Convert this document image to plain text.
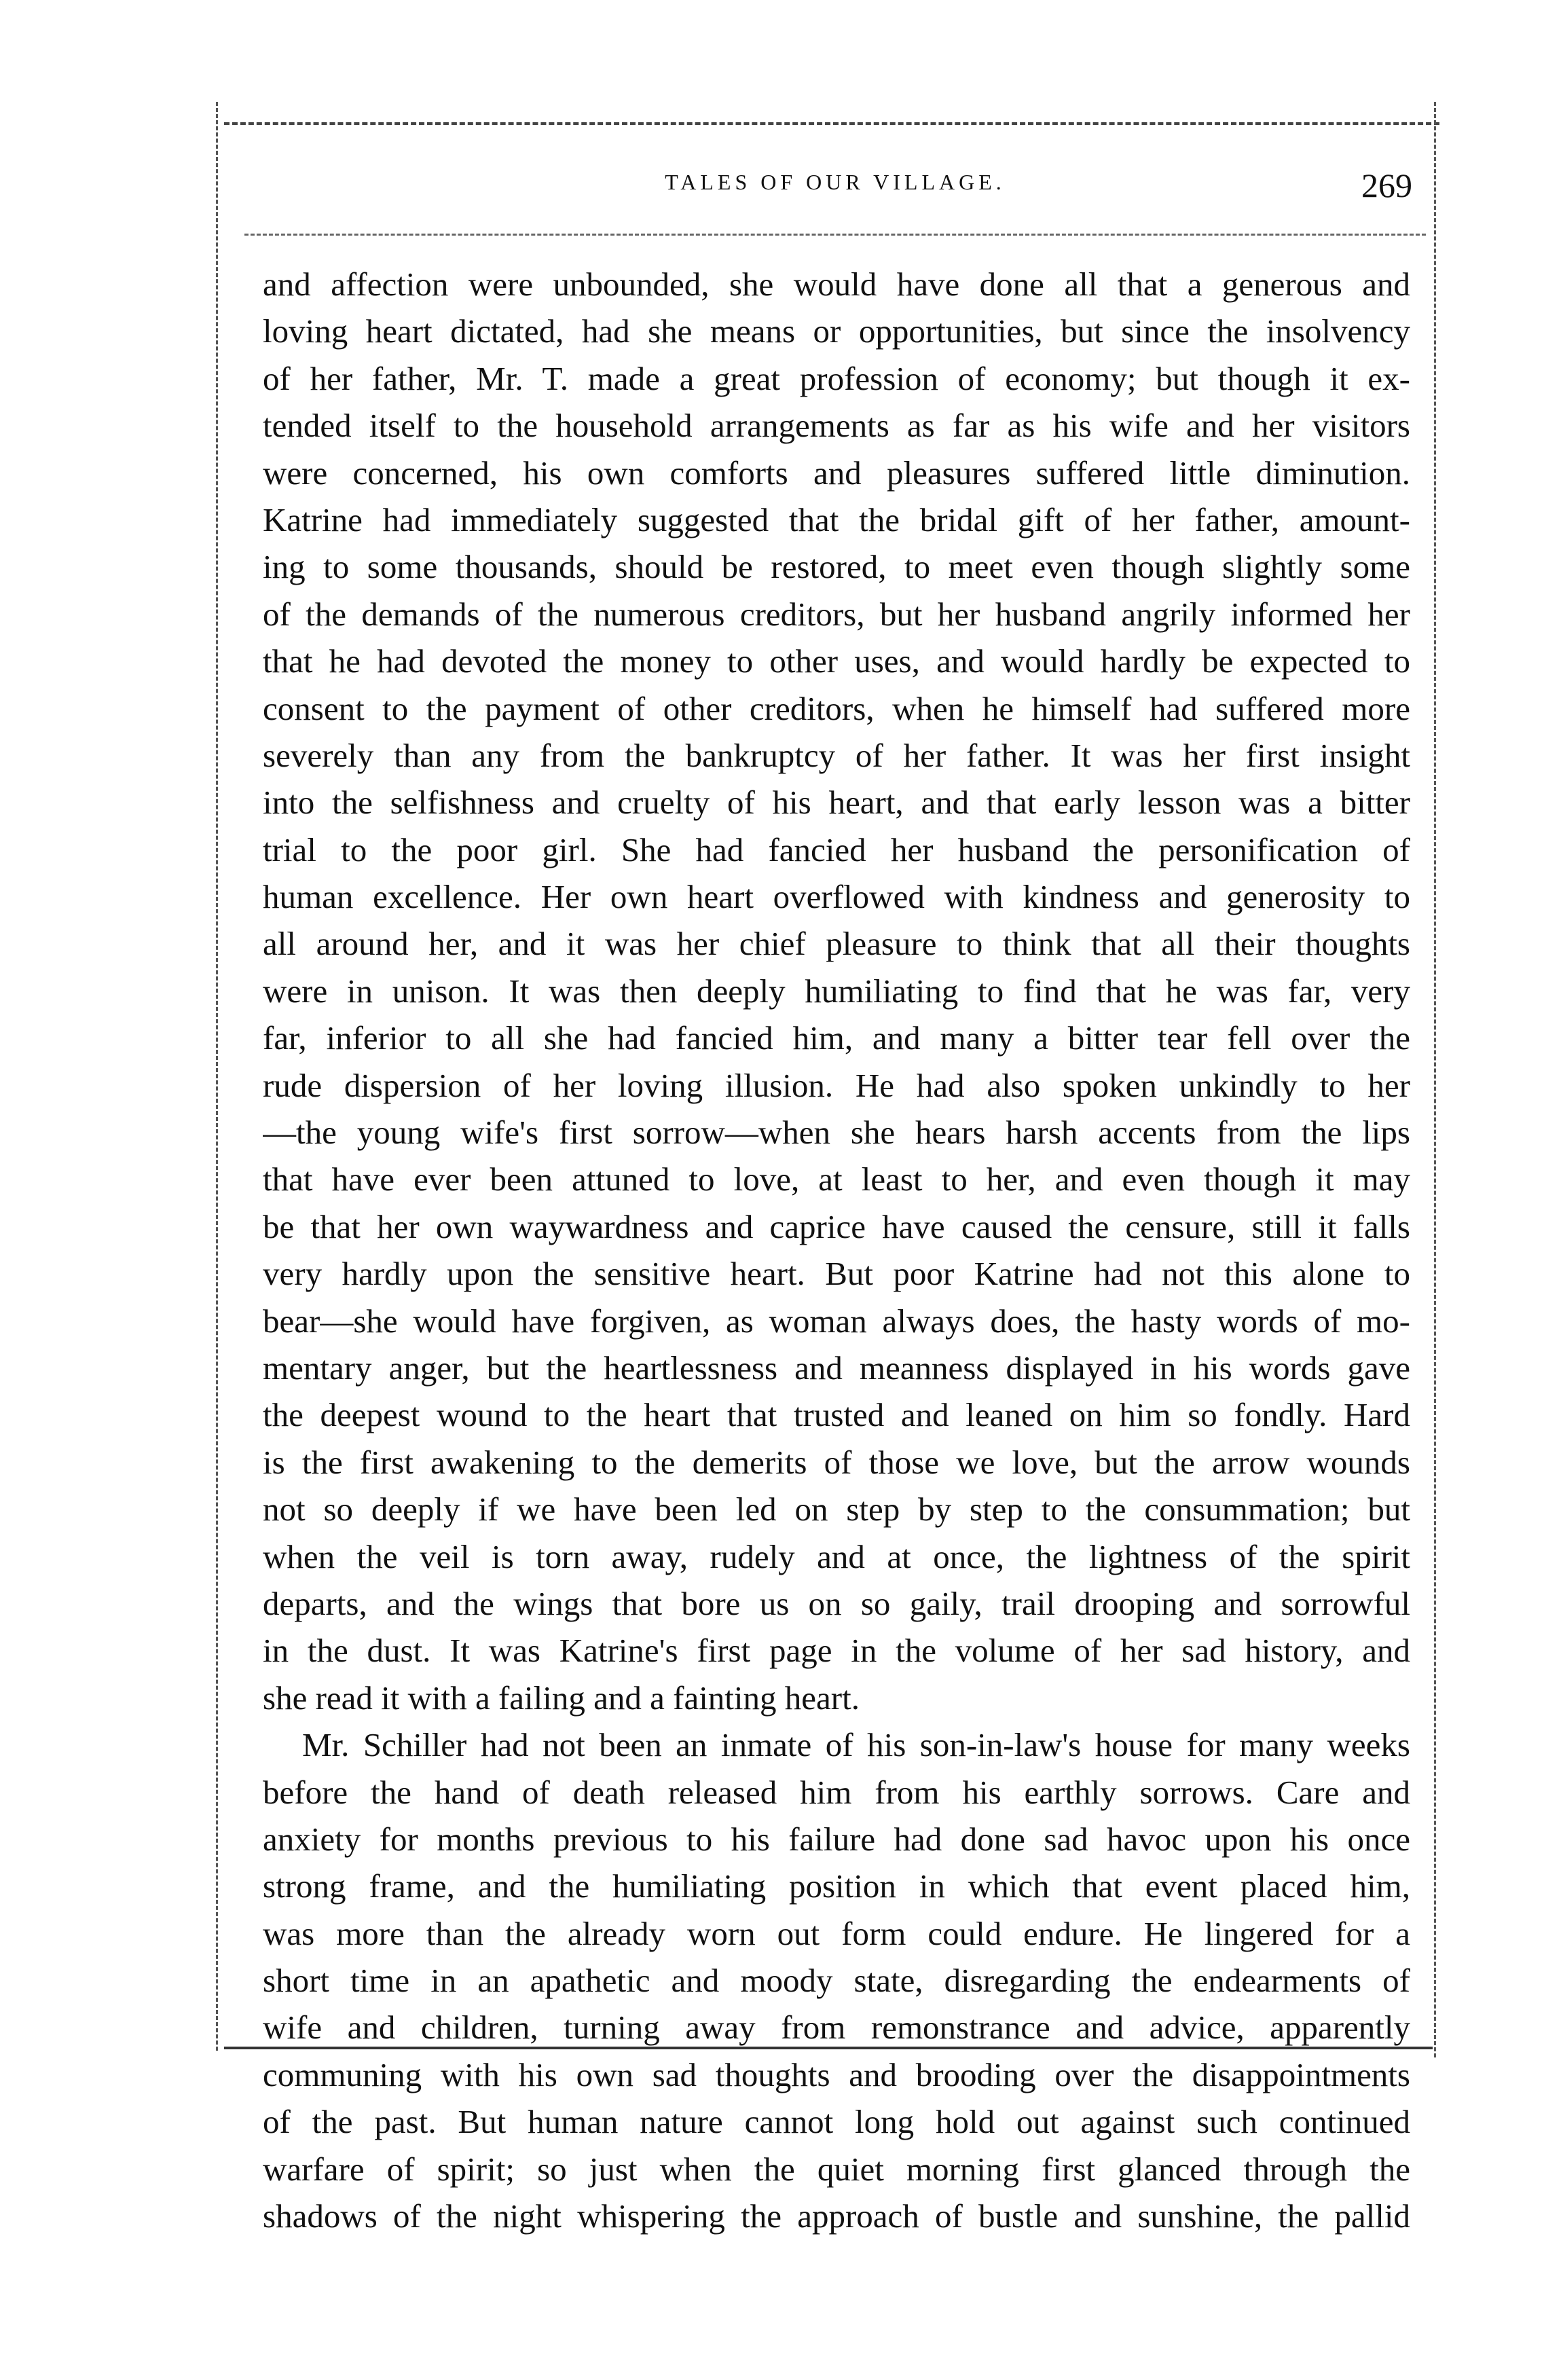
TALES OF OUR VILLAGE.	269
and affection were unbounded, she would have done all that a generous and
loving heart dictated, had she means or opportunities, but since the insolvency
of her father, Mr. T. made a great profession of economy; but though it ex-
tended itself to the household arrangements as far as his wife and her visitors
were concerned, his own comforts and pleasures suffered little diminution.
Katrine had immediately suggested that the bridal gift of her father, amount-
ing to some thousands, should be restored, to meet even though slightly some
of the demands of the numerous creditors, but her husband angrily informed her
that he had devoted the money to other uses, and would hardly be expected to
consent to the payment of other creditors, when he himself had suffered more
severely than any from the bankruptcy of her father. It was her first insight
into the selfishness and cruelty of his heart, and that early lesson was a bitter
trial to the poor girl. She had fancied her husband the personification of
human excellence. Her own heart overflowed with kindness and generosity to
all around her, and it was her chief pleasure to think that all their thoughts
were in unison. It was then deeply humiliating to find that he was far, very
far, inferior to all she had fancied him, and many a bitter tear fell over the
rude dispersion of her loving illusion. He had also spoken unkindly to her
—the young wife's first sorrow—when she hears harsh accents from the lips
that have ever been attuned to love, at least to her, and even though it may
be that her own waywardness and caprice have caused the censure, still it falls
very hardly upon the sensitive heart. But poor Katrine had not this alone to
bear—she would have forgiven, as woman always does, the hasty words of mo-
mentary anger, but the heartlessness and meanness displayed in his words gave
the deepest wound to the heart that trusted and leaned on him so fondly. Hard
is the first awakening to the demerits of those we love, but the arrow wounds
not so deeply if we have been led on step by step to the consummation; but
when the veil is torn away, rudely and at once, the lightness of the spirit
departs, and the wings that bore us on so gaily, trail drooping and sorrowful
in the dust. It was Katrine's first page in the volume of her sad history, and
she read it with a failing and a fainting heart.
Mr. Schiller had not been an inmate of his son-in-law's house for many weeks
before the hand of death released him from his earthly sorrows. Care and
anxiety for months previous to his failure had done sad havoc upon his once
strong frame, and the humiliating position in which that event placed him,
was more than the already worn out form could endure. He lingered for a
short time in an apathetic and moody state, disregarding the endearments of
wife and children, turning away from remonstrance and advice, apparently
communing with his own sad thoughts and brooding over the disappointments
of the past. But human nature cannot long hold out against such continued
warfare of spirit; so just when the quiet morning first glanced through the
shadows of the night whispering the approach of bustle and sunshine, the pallid
